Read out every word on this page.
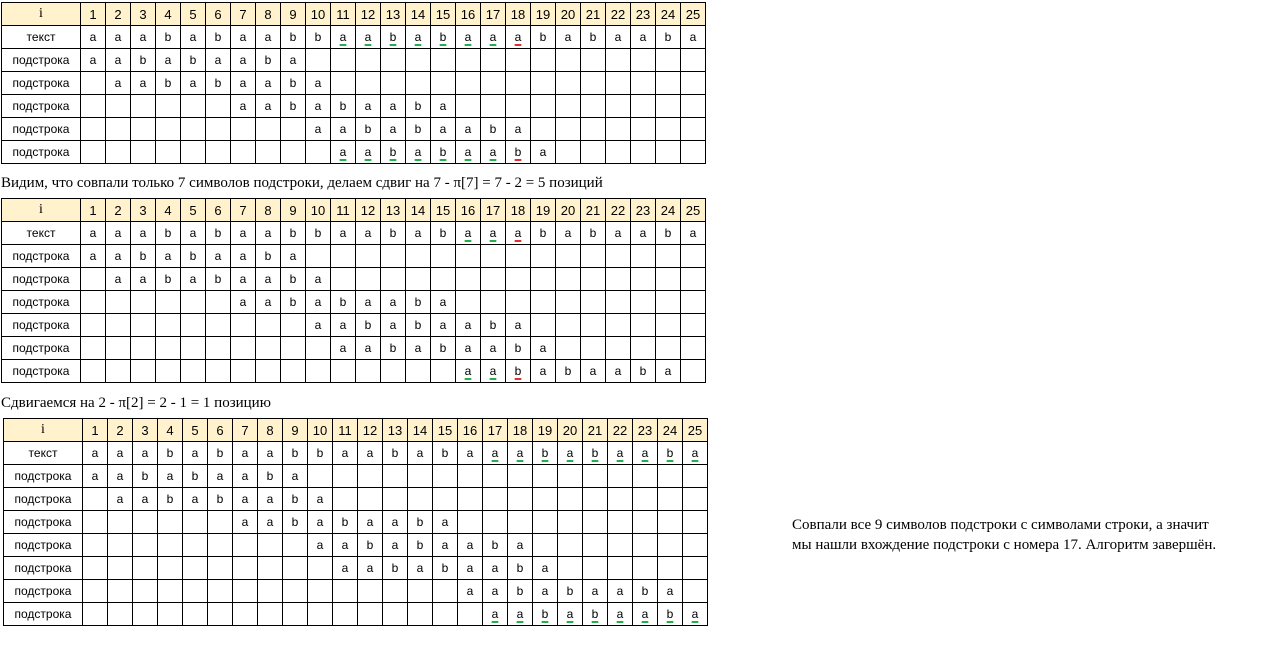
i	1	2	3	4	5	6	7	8	9	10	11	12	13	14	15	16	17	18	19	20	21	22	23	24	25
текст	a	a	a	b	a	b	a	a	b	b	a	a	b	a	b	a	a	a	b	a	b	a	a	b	a
подстрока	a	a	b	a	b	a	a	b	a																
подстрока		a	a	b	a	b	a	a	b	a															
подстрока							a	a	b	a	b	a	a	b	a										
подстрока										a	a	b	a	b	a	a	b	a							
подстрока											a	a	b	a	b	a	a	b	a						

Видим, что совпали только 7 символов подстроки, делаем сдвиг на 7 - π[7] = 7 - 2 = 5 позиций

i	1	2	3	4	5	6	7	8	9	10	11	12	13	14	15	16	17	18	19	20	21	22	23	24	25
текст	a	a	a	b	a	b	a	a	b	b	a	a	b	a	b	a	a	a	b	a	b	a	a	b	a
подстрока	a	a	b	a	b	a	a	b	a																
подстрока		a	a	b	a	b	a	a	b	a															
подстрока							a	a	b	a	b	a	a	b	a										
подстрока										a	a	b	a	b	a	a	b	a							
подстрока											a	a	b	a	b	a	a	b	a						
подстрока																a	a	b	a	b	a	a	b	a	

Сдвигаемся на 2 - π[2] = 2 - 1 = 1 позицию

i	1	2	3	4	5	6	7	8	9	10	11	12	13	14	15	16	17	18	19	20	21	22	23	24	25
текст	a	a	a	b	a	b	a	a	b	b	a	a	b	a	b	a	a	a	b	a	b	a	a	b	a
подстрока	a	a	b	a	b	a	a	b	a																
подстрока		a	a	b	a	b	a	a	b	a															
подстрока							a	a	b	a	b	a	a	b	a										
подстрока										a	a	b	a	b	a	a	b	a							
подстрока											a	a	b	a	b	a	a	b	a						
подстрока																a	a	b	a	b	a	a	b	a	
подстрока																	a	a	b	a	b	a	a	b	a
Совпали все 9 символов подстроки с символами строки, а значит
мы нашли вхождение подстроки с номера 17. Алгоритм завершён.
